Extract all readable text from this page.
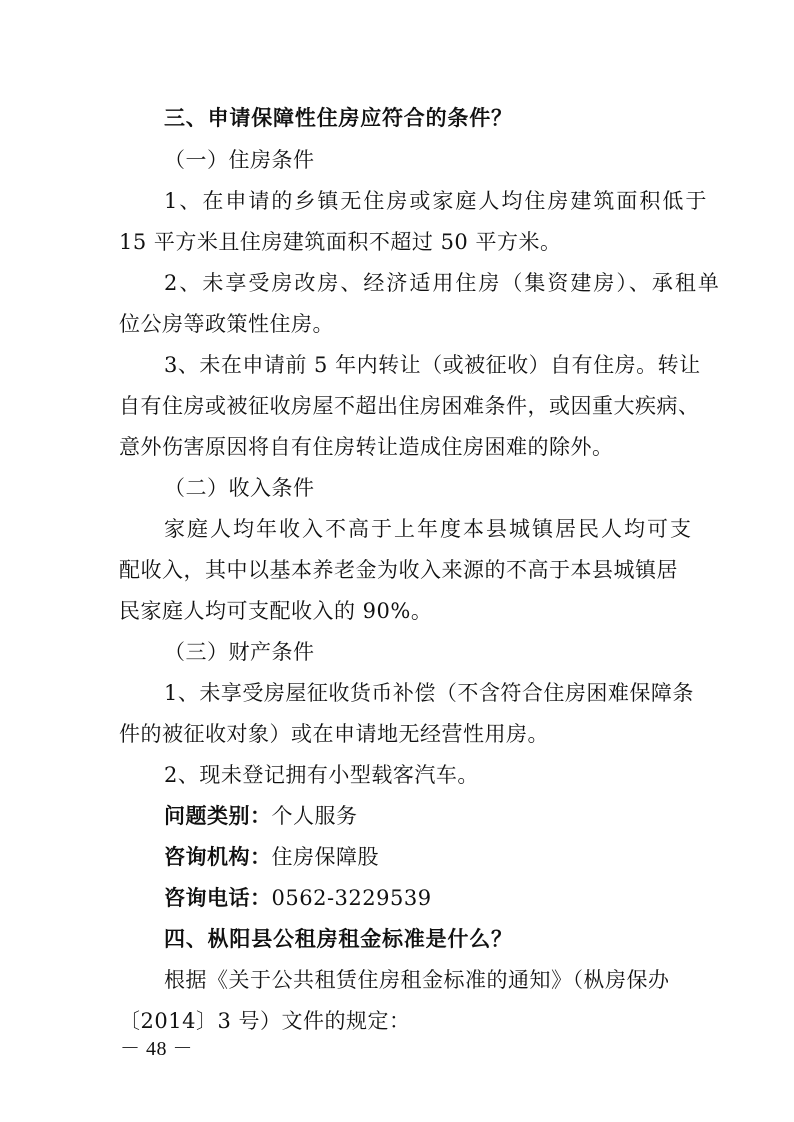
三、申请保障性住房应符合的条件？
（一）住房条件
1、在申请的乡镇无住房或家庭人均住房建筑面积低于
15 平方米且住房建筑面积不超过 50 平方米。
2、未享受房改房、经济适用住房（集资建房）、承租单
位公房等政策性住房。
3、未在申请前 5 年内转让（或被征收）自有住房。转让
自有住房或被征收房屋不超出住房困难条件，或因重大疾病、
意外伤害原因将自有住房转让造成住房困难的除外。
（二）收入条件
家庭人均年收入不高于上年度本县城镇居民人均可支
配收入，其中以基本养老金为收入来源的不高于本县城镇居
民家庭人均可支配收入的 90%。
（三）财产条件
1、未享受房屋征收货币补偿（不含符合住房困难保障条
件的被征收对象）或在申请地无经营性用房。
2、现未登记拥有小型载客汽车。
问题类别：个人服务
咨询机构：住房保障股
咨询电话：0562-3229539
四、枞阳县公租房租金标准是什么？
根据《关于公共租赁住房租金标准的通知》（枞房保办
〔2014〕3 号）文件的规定：
－ 48 －
